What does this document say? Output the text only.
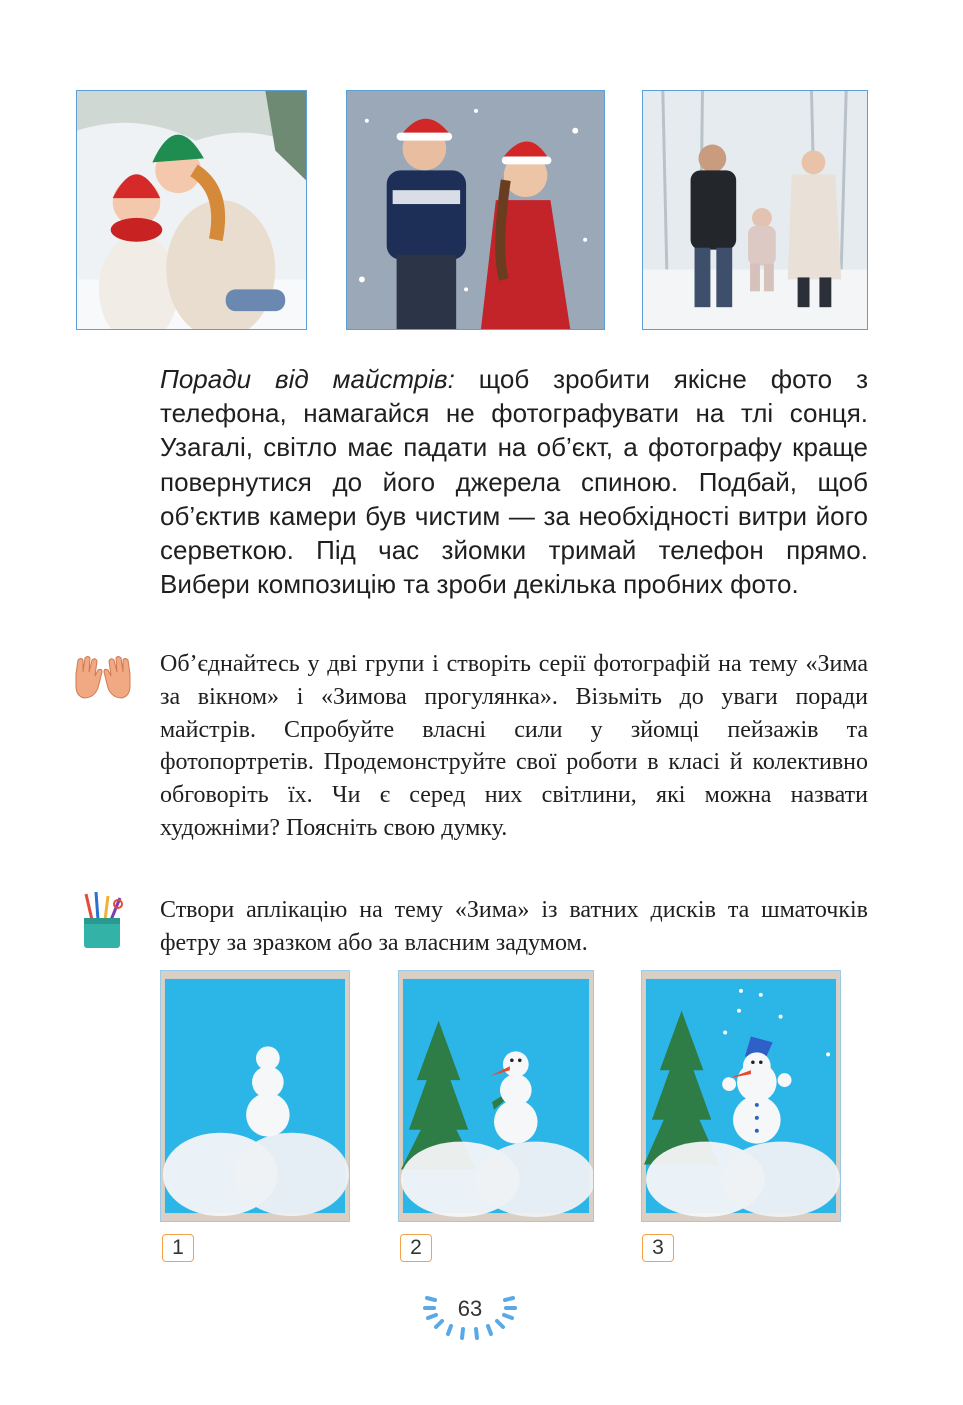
Поради від майстрів: щоб зробити якісне фото з телефона, намагайся не фотографувати на тлі сонця. Узагалі, світло має падати на об’єкт, а фотографу краще повернутися до його джерела спиною. Подбай, щоб об’єктив камери був чистим — за необхідності витри його серветкою. Під час зйомки тримай телефон прямо. Вибери композицію та зроби декілька пробних фото.
Об’єднайтесь у дві групи і створіть серії фотографій на тему «Зима за вікном» і «Зимова прогулянка». Візьміть до уваги поради майстрів. Спробуйте власні сили у зйомці пейзажів та фотопортретів. Продемонструйте свої роботи в класі й колективно обговоріть їх. Чи є серед них світлини, які можна назвати художніми? Поясніть свою думку.
Створи аплікацію на тему «Зима» із ватних дисків та шматочків фетру за зразком або за власним задумом.
1	2	3
63
